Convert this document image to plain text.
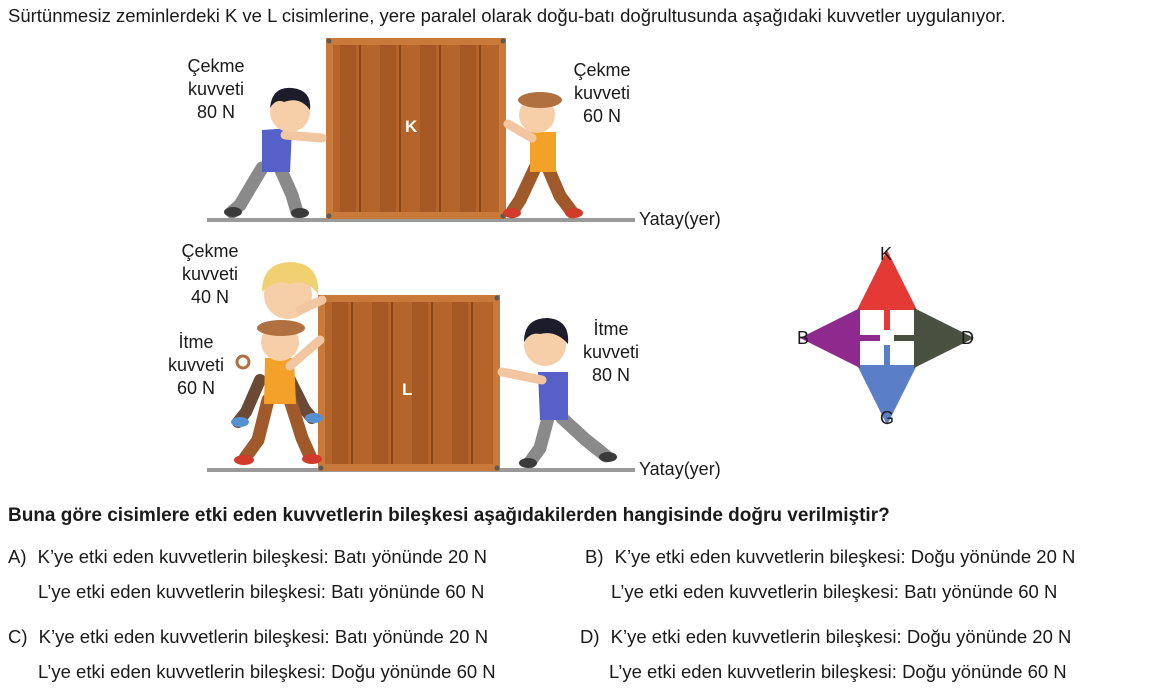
Sürtünmesiz zeminlerdeki K ve L cisimlerine, yere paralel olarak doğu-batı doğrultusunda aşağıdaki kuvvetler uygulanıyor.
Çekme
kuvveti
80 N
Çekme
kuvveti
60 N
K
Yatay(yer)
Çekme
kuvveti
40 N
İtme
kuvveti
60 N
İtme
kuvveti
80 N
L
Yatay(yer)
K
G
D
B
Buna göre cisimlere etki eden kuvvetlerin bileşkesi aşağıdakilerden hangisinde doğru verilmiştir?
A) K’ye etki eden kuvvetlerin bileşkesi: Batı yönünde 20 N
L’ye etki eden kuvvetlerin bileşkesi: Batı yönünde 60 N
B) K’ye etki eden kuvvetlerin bileşkesi: Doğu yönünde 20 N
L’ye etki eden kuvvetlerin bileşkesi: Batı yönünde 60 N
C) K’ye etki eden kuvvetlerin bileşkesi: Batı yönünde 20 N
L’ye etki eden kuvvetlerin bileşkesi: Doğu yönünde 60 N
D) K’ye etki eden kuvvetlerin bileşkesi: Doğu yönünde 20 N
L’ye etki eden kuvvetlerin bileşkesi: Doğu yönünde 60 N
